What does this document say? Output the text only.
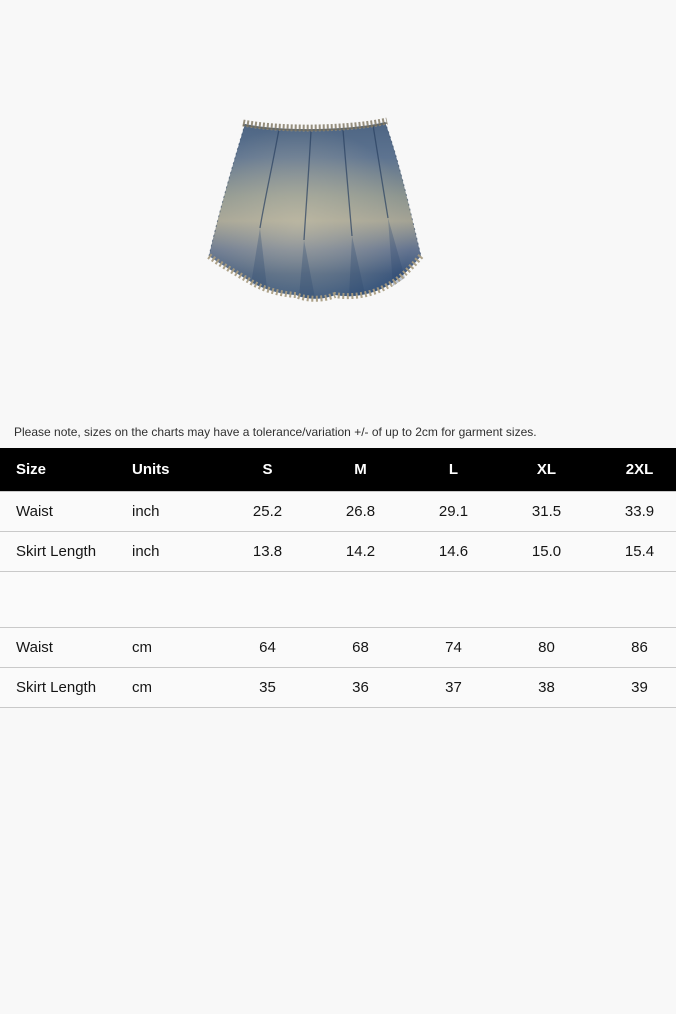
Please note, sizes on the charts may have a tolerance/variation +/- of up to 2cm for garment sizes.
Size	Units	S	M	L	XL	2XL
Waist	inch	25.2	26.8	29.1	31.5	33.9
Skirt Length	inch	13.8	14.2	14.6	15.0	15.4

Waist	cm	64	68	74	80	86
Skirt Length	cm	35	36	37	38	39
